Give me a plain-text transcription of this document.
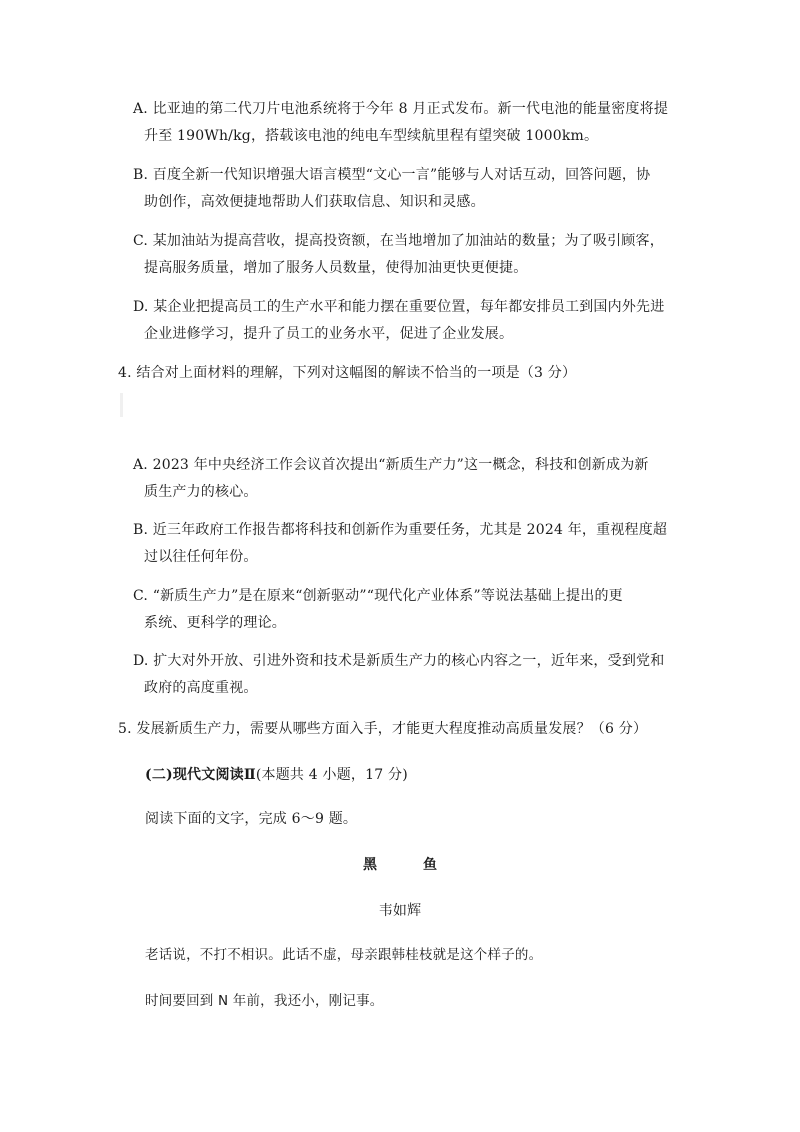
A. 比亚迪的第二代刀片电池系统将于今年 8 月正式发布。新一代电池的能量密度将提
升至 190Wh/kg，搭载该电池的纯电车型续航里程有望突破 1000km。
B. 百度全新一代知识增强大语言模型“文心一言”能够与人对话互动，回答问题，协
助创作，高效便捷地帮助人们获取信息、知识和灵感。
C. 某加油站为提高营收，提高投资额，在当地增加了加油站的数量；为了吸引顾客，
提高服务质量，增加了服务人员数量，使得加油更快更便捷。
D. 某企业把提高员工的生产水平和能力摆在重要位置，每年都安排员工到国内外先进
企业进修学习，提升了员工的业务水平，促进了企业发展。
4. 结合对上面材料的理解，下列对这幅图的解读不恰当的一项是（3 分）
A. 2023 年中央经济工作会议首次提出“新质生产力”这一概念，科技和创新成为新
质生产力的核心。
B. 近三年政府工作报告都将科技和创新作为重要任务，尤其是 2024 年，重视程度超
过以往任何年份。
C. “新质生产力”是在原来“创新驱动”“现代化产业体系”等说法基础上提出的更
系统、更科学的理论。
D. 扩大对外开放、引进外资和技术是新质生产力的核心内容之一，近年来，受到党和
政府的高度重视。
5. 发展新质生产力，需要从哪些方面入手，才能更大程度推动高质量发展？（6 分）
(二)现代文阅读Ⅱ(本题共 4 小题，17 分)
阅读下面的文字，完成 6～9 题。
黑	鱼
韦如辉
老话说，不打不相识。此话不虚，母亲跟韩桂枝就是这个样子的。
时间要回到 N 年前，我还小，刚记事。
